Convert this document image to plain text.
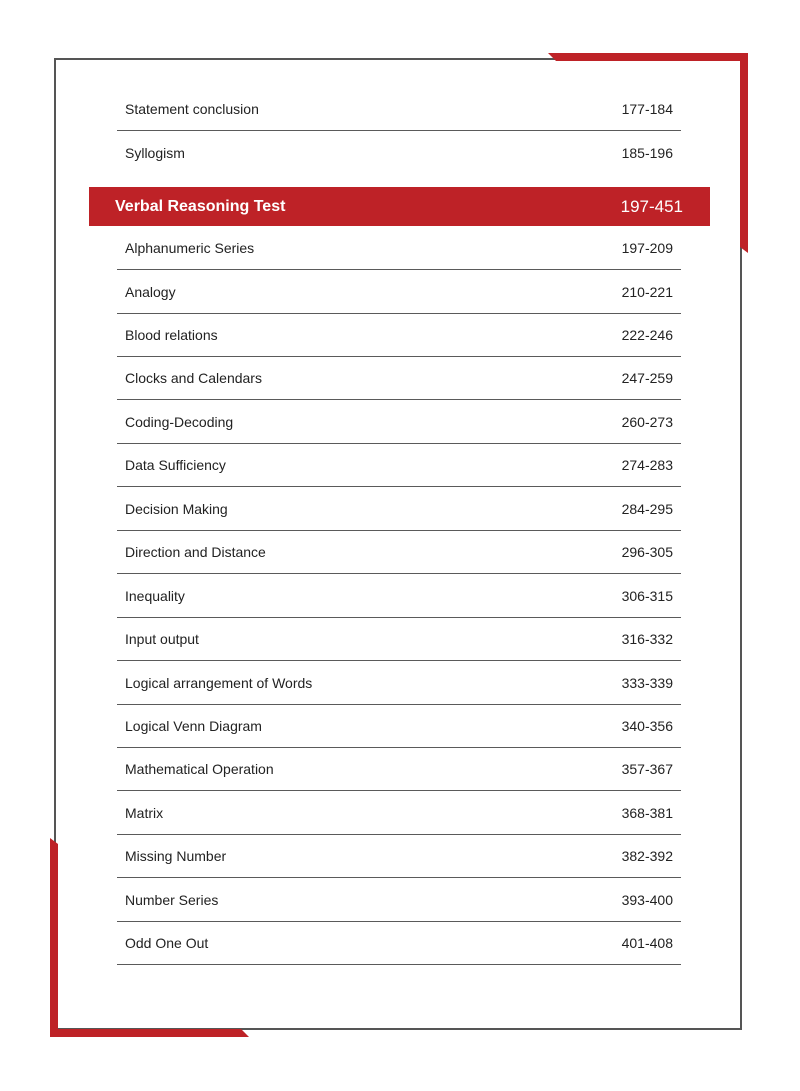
Statement conclusion	177-184
Syllogism	185-196
Verbal Reasoning Test	197-451
Alphanumeric Series	197-209
Analogy	210-221
Blood relations	222-246
Clocks and Calendars	247-259
Coding-Decoding	260-273
Data Sufficiency	274-283
Decision Making	284-295
Direction and Distance	296-305
Inequality	306-315
Input output	316-332
Logical arrangement of Words	333-339
Logical Venn Diagram	340-356
Mathematical Operation	357-367
Matrix	368-381
Missing Number	382-392
Number Series	393-400
Odd One Out	401-408
